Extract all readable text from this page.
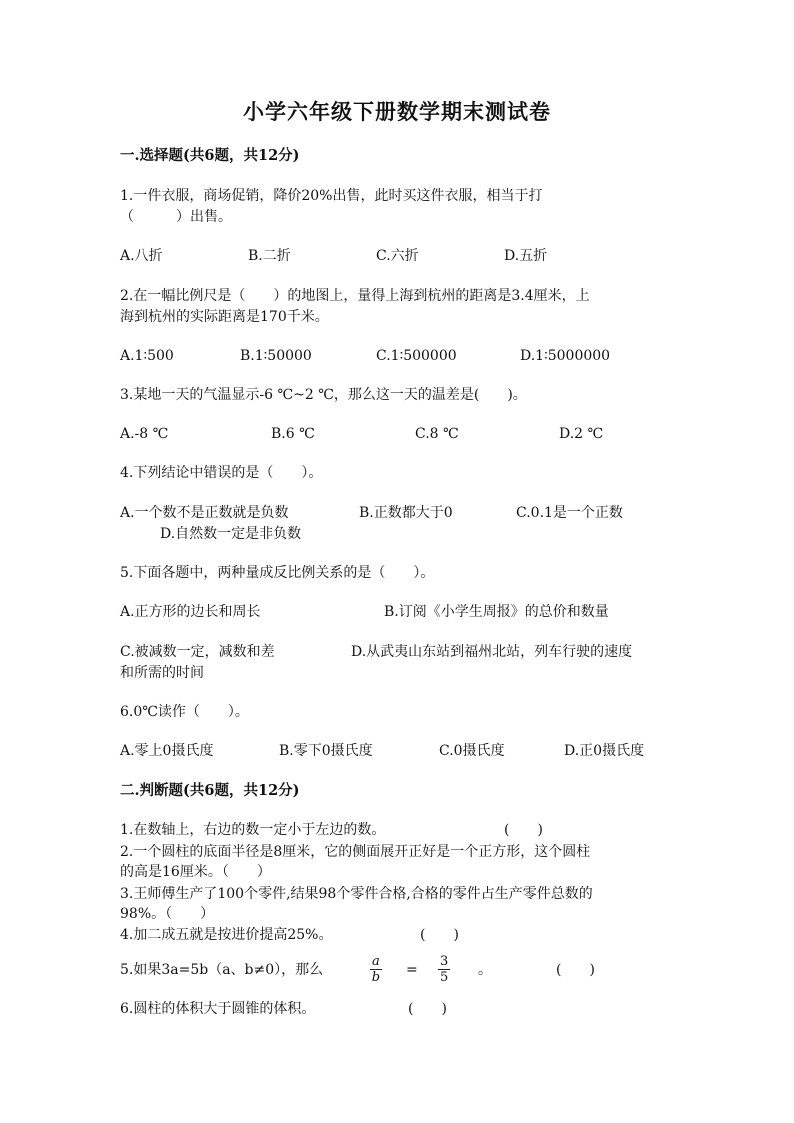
小学六年级下册数学期末测试卷
一.选择题(共6题，共12分)
1.一件衣服，商场促销，降价20%出售，此时买这件衣服，相当于打
（　　　）出售。
A.八折	B.二折	C.六折	D.五折
2.在一幅比例尺是（　　）的地图上，量得上海到杭州的距离是3.4厘米，上
海到杭州的实际距离是170千米。
A.1∶500	B.1∶50000	C.1∶500000	D.1∶5000000
3.某地一天的气温显示-6 ℃~2 ℃，那么这一天的温差是(　　)。
A.-8 ℃	B.6 ℃	C.8 ℃	D.2 ℃
4.下列结论中错误的是（　　）。
A.一个数不是正数就是负数	B.正数都大于0	C.0.1是一个正数
D.自然数一定是非负数
5.下面各题中，两种量成反比例关系的是（　　）。
A.正方形的边长和周长	B.订阅《小学生周报》的总价和数量
C.被减数一定，减数和差	D.从武夷山东站到福州北站，列车行驶的速度
和所需的时间
6.0℃读作（　　）。
A.零上0摄氏度	B.零下0摄氏度	C.0摄氏度	D.正0摄氏度
二.判断题(共6题，共12分)
1.在数轴上，右边的数一定小于左边的数。	(　　)
2.一个圆柱的底面半径是8厘米，它的侧面展开正好是一个正方形，这个圆柱
的高是16厘米。（　　）
3.王师傅生产了100个零件,结果98个零件合格,合格的零件占生产零件总数的
98%。（　　）
4.加二成五就是按进价提高25%。	(　　)
5.如果3a=5b（a、b≠0），那么	$\frac{a}{b} = \frac{3}{5}$ 。	(　　)
6.圆柱的体积大于圆锥的体积。	(　　)
